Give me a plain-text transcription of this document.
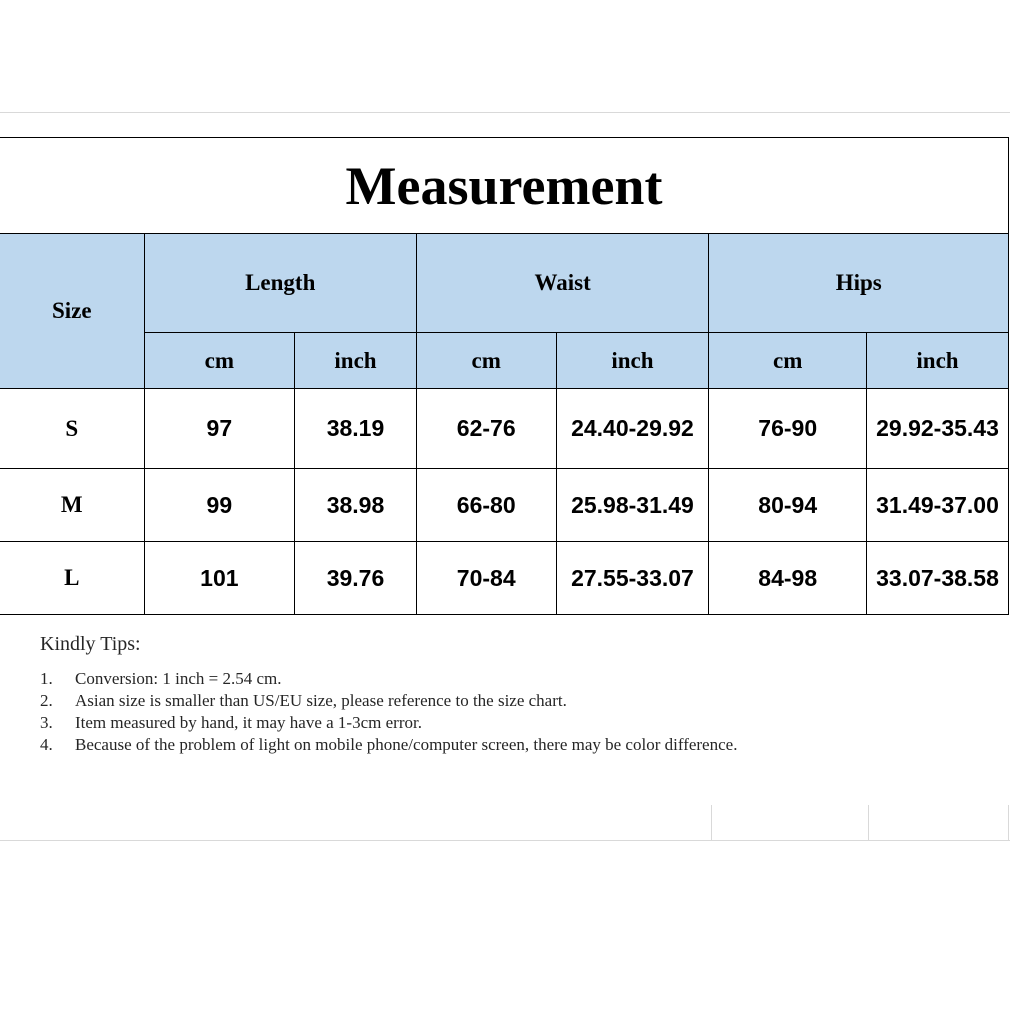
Measurement						
Size	Length		Waist		Hips	
	cm	inch	cm	inch	cm	inch
S	97	38.19	62-76	24.40-29.92	76-90	29.92-35.43
M	99	38.98	66-80	25.98-31.49	80-94	31.49-37.00
L	101	39.76	70-84	27.55-33.07	84-98	33.07-38.58
Kindly Tips:
1.	Conversion: 1 inch = 2.54 cm.
2.	Asian size is smaller than US/EU size, please reference to the size chart.
3.	Item measured by hand, it may have a 1-3cm error.
4.	Because of the problem of light on mobile phone/computer screen, there may be color difference.
